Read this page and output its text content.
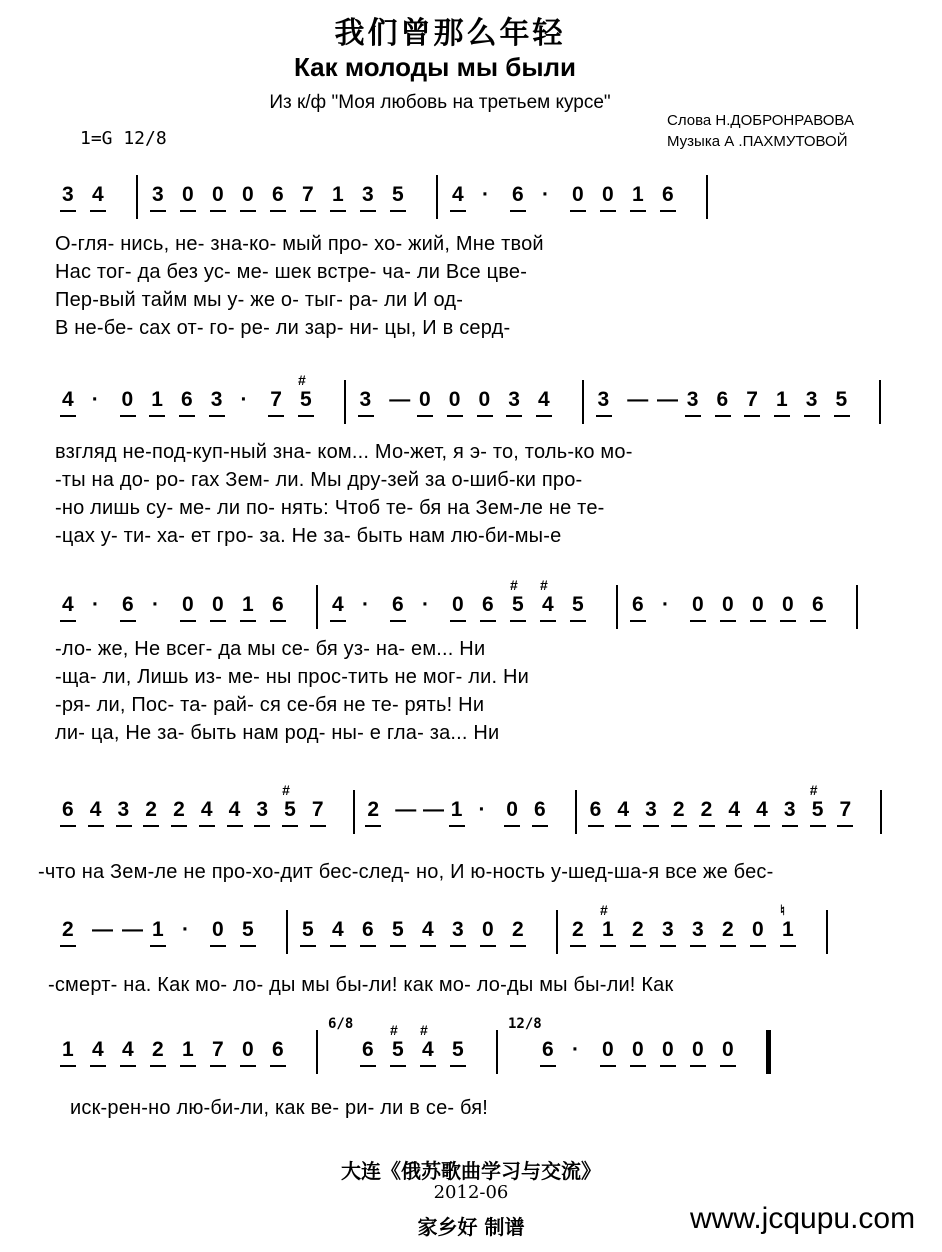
我们曾那么年轻
Как молоды мы были
Из к/ф "Моя любовь на третьем курсе"
Слова Н.ДОБРОНРАВОВА
Музыка А .ПАХМУТОВОЙ
1=G 12/8
3 4 3 0 0 0 6 7 1 3 5 4 · 6 · 0 0 1 6
4 · 0 1 6 3 · 7
#
5 3 — 0 0 0 3 4 3 — — 3 6 7 1 3 5
4 · 6 · 0 0 1 6 4 · 6 · 0 6
#
5
#
4 5 6 · 0 0 0 0 6
6 4 3 2 2 4 4 3
#
5 7 2 — — 1 · 0 6 6 4 3 2 2 4 4 3
#
5 7
2 — — 1 · 0 5 5 4 6 5 4 3 0 2 2
#
1 2 3 3 2 0
♮
1
1 4 4 2 1 7 0 6
6/8
6
#
5
#
4 5
12/8
6 · 0 0 0 0 0
О-гля- нись, не- зна-ко- мый про- хо- жий, Мне твой
Нас тог- да без ус- ме- шек встре- ча- ли Все цве-
Пер-вый тайм мы у- же о- тыг- ра- ли И од-
В не-бе- сах от- го- ре- ли зар- ни- цы, И в серд-
взгляд не-под-куп-ный зна- ком... Мо-жет, я э- то, толь-ко мо-
-ты на до- ро- гах Зем- ли. Мы дру-зей за о-шиб-ки про-
-но лишь су- ме- ли по- нять: Чтоб те- бя на Зем-ле не те-
-цах у- ти- ха- ет гро- за. Не за- быть нам лю-би-мы-е
-ло- же, Не всег- да мы се- бя уз- на- ем... Ни
-ща- ли, Лишь из- ме- ны прос-тить не мог- ли. Ни
-ря- ли, Пос- та- рай- ся се-бя не те- рять! Ни
ли- ца, Не за- быть нам род- ны- е гла- за... Ни
-что на Зем-ле не про-хо-дит бес-след- но, И ю-ность у-шед-ша-я все же бес-
-смерт- на. Как мо- ло- ды мы бы-ли! как мо- ло-ды мы бы-ли! Как
иск-рен-но лю-би-ли, как ве- ри- ли в се- бя!
大连《俄苏歌曲学习与交流》
2012-06
家乡好 制谱	www.jcqupu.com
